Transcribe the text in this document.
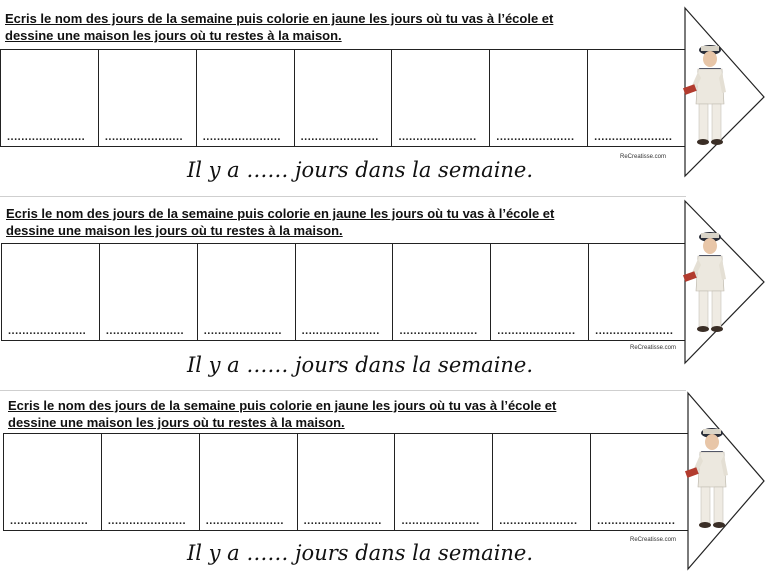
Ecris le nom des jours de la semaine puis colorie en jaune les jours où tu vas à l’école et
dessine une maison les jours où tu restes à la maison.

...................... ...................... ...................... ...................... ...................... ...................... ......................
ReCreatisse.com
Il y a …… jours dans la semaine.

Ecris le nom des jours de la semaine puis colorie en jaune les jours où tu vas à l’école et
dessine une maison les jours où tu restes à la maison.

...................... ...................... ...................... ...................... ...................... ...................... ......................
ReCreatisse.com
Il y a …… jours dans la semaine.

Ecris le nom des jours de la semaine puis colorie en jaune les jours où tu vas à l’école et
dessine une maison les jours où tu restes à la maison.

...................... ...................... ...................... ...................... ...................... ...................... ......................
ReCreatisse.com
Il y a …… jours dans la semaine.
